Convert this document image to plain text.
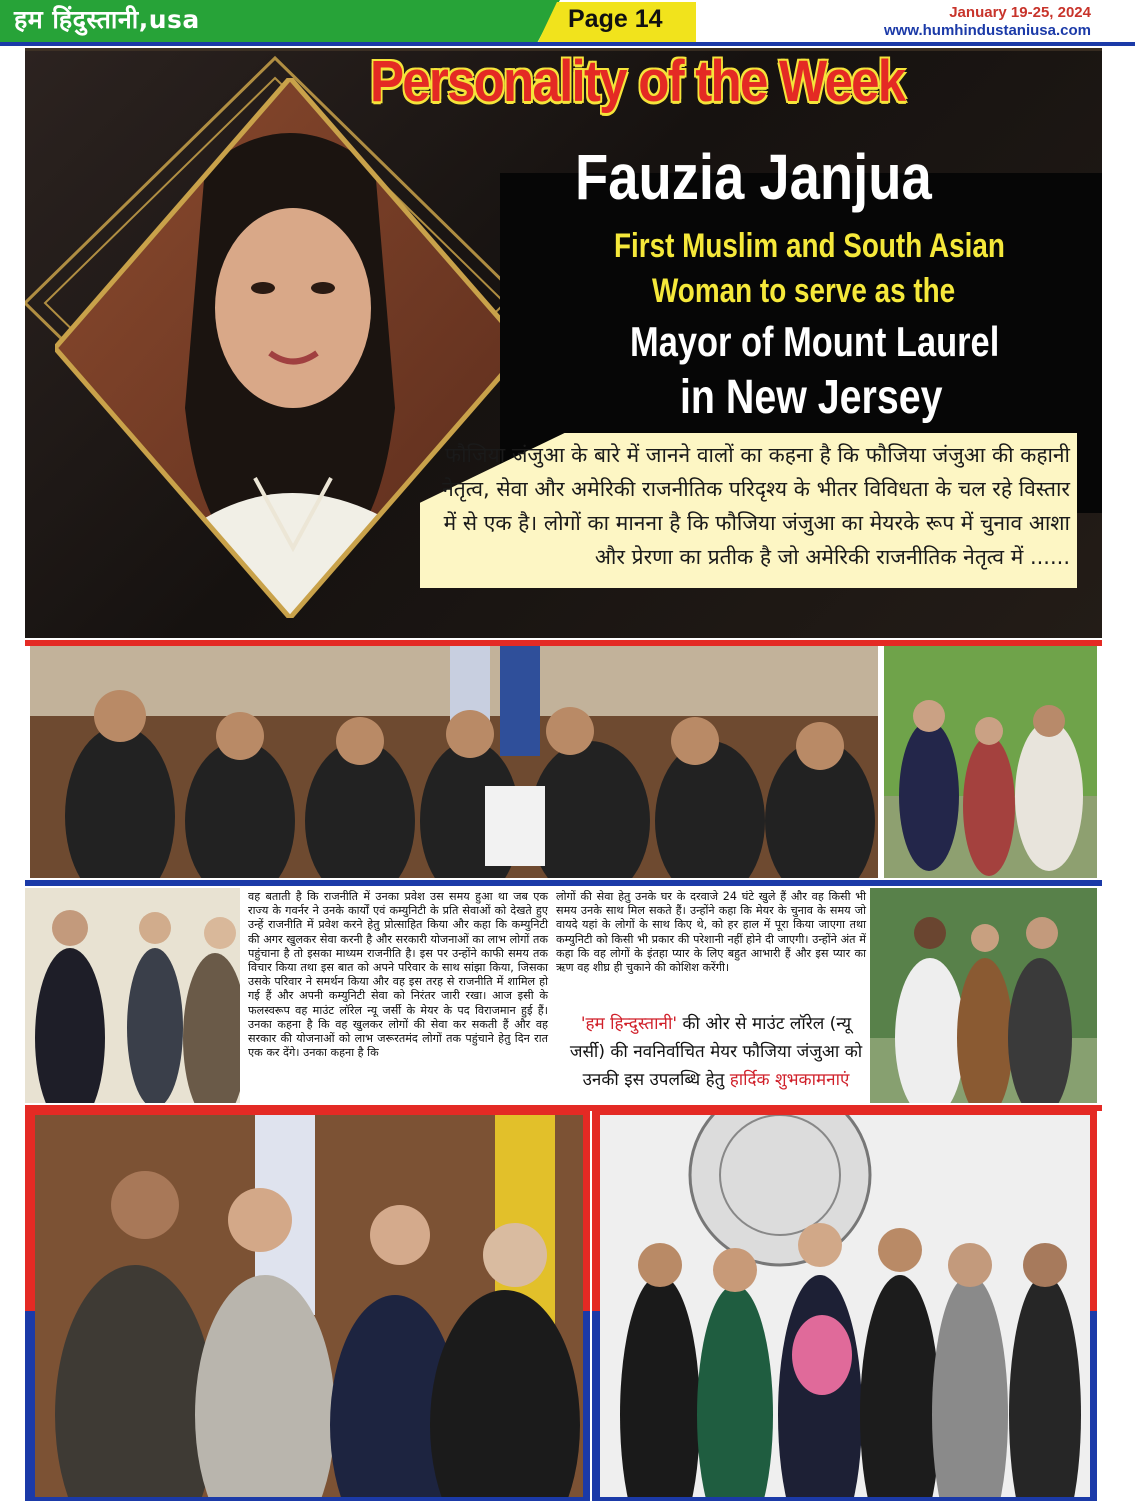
हम हिंदुस्तानी,usa	Page 14	January 19-25, 2024
www.humhindustaniusa.com
Personality of the Week
Fauzia Janjua
First Muslim and South Asian
Woman to serve as the
Mayor of Mount Laurel
in New Jersey
फौजिया जंजुआ के बारे में जानने वालों का कहना है कि फौजिया जंजुआ की कहानी नेतृत्व, सेवा और अमेरिकी राजनीतिक परिदृश्य के भीतर विविधता के चल रहे विस्तार में से एक है। लोगों का मानना है कि फौजिया जंजुआ का मेयरके रूप में चुनाव आशा और प्रेरणा का प्रतीक है जो अमेरिकी राजनीतिक नेतृत्व में ......
वह बताती है कि राजनीति में उनका प्रवेश उस समय हुआ था जब एक राज्य के गवर्नर ने उनके कार्यों एवं कम्युनिटी के प्रति सेवाओं को देखते हुए उन्हें राजनीति में प्रवेश करने हेतु प्रोत्साहित किया और कहा कि कम्युनिटी की अगर खुलकर सेवा करनी है और सरकारी योजनाओं का लाभ लोगों तक पहुंचाना है तो इसका माध्यम राजनीति है। इस पर उन्होंने काफी समय तक विचार किया तथा इस बात को अपने परिवार के साथ सांझा किया, जिसका उसके परिवार ने समर्थन किया और वह इस तरह से राजनीति में शामिल हो गई हैं और अपनी कम्युनिटी सेवा को निरंतर जारी रखा। आज इसी के फलस्वरूप वह माउंट लॉरेल न्यू जर्सी के मेयर के पद विराजमान हुई हैं। उनका कहना है कि वह खुलकर लोगों की सेवा कर सकती हैं और वह सरकार की योजनाओं को लाभ जरूरतमंद लोगों तक पहुंचाने हेतु दिन रात एक कर देंगे। उनका कहना है कि
लोगों की सेवा हेतु उनके घर के दरवाजे 24 घंटे खुले हैं और वह किसी भी समय उनके साथ मिल सकते हैं। उन्होंने कहा कि मेयर के चुनाव के समय जो वायदे यहां के लोगों के साथ किए थे, को हर हाल में पूरा किया जाएगा तथा कम्युनिटी को किसी भी प्रकार की परेशानी नहीं होने दी जाएगी। उन्होंने अंत में कहा कि वह लोगों के इंतहा प्यार के लिए बहुत आभारी हैं और इस प्यार का ऋण वह शीघ्र ही चुकाने की कोशिश करेंगी।
'हम हिन्दुस्तानी' की ओर से माउंट लॉरेल (न्यू जर्सी) की नवनिर्वाचित मेयर फौजिया जंजुआ को उनकी इस उपलब्धि हेतु हार्दिक शुभकामनाएं
